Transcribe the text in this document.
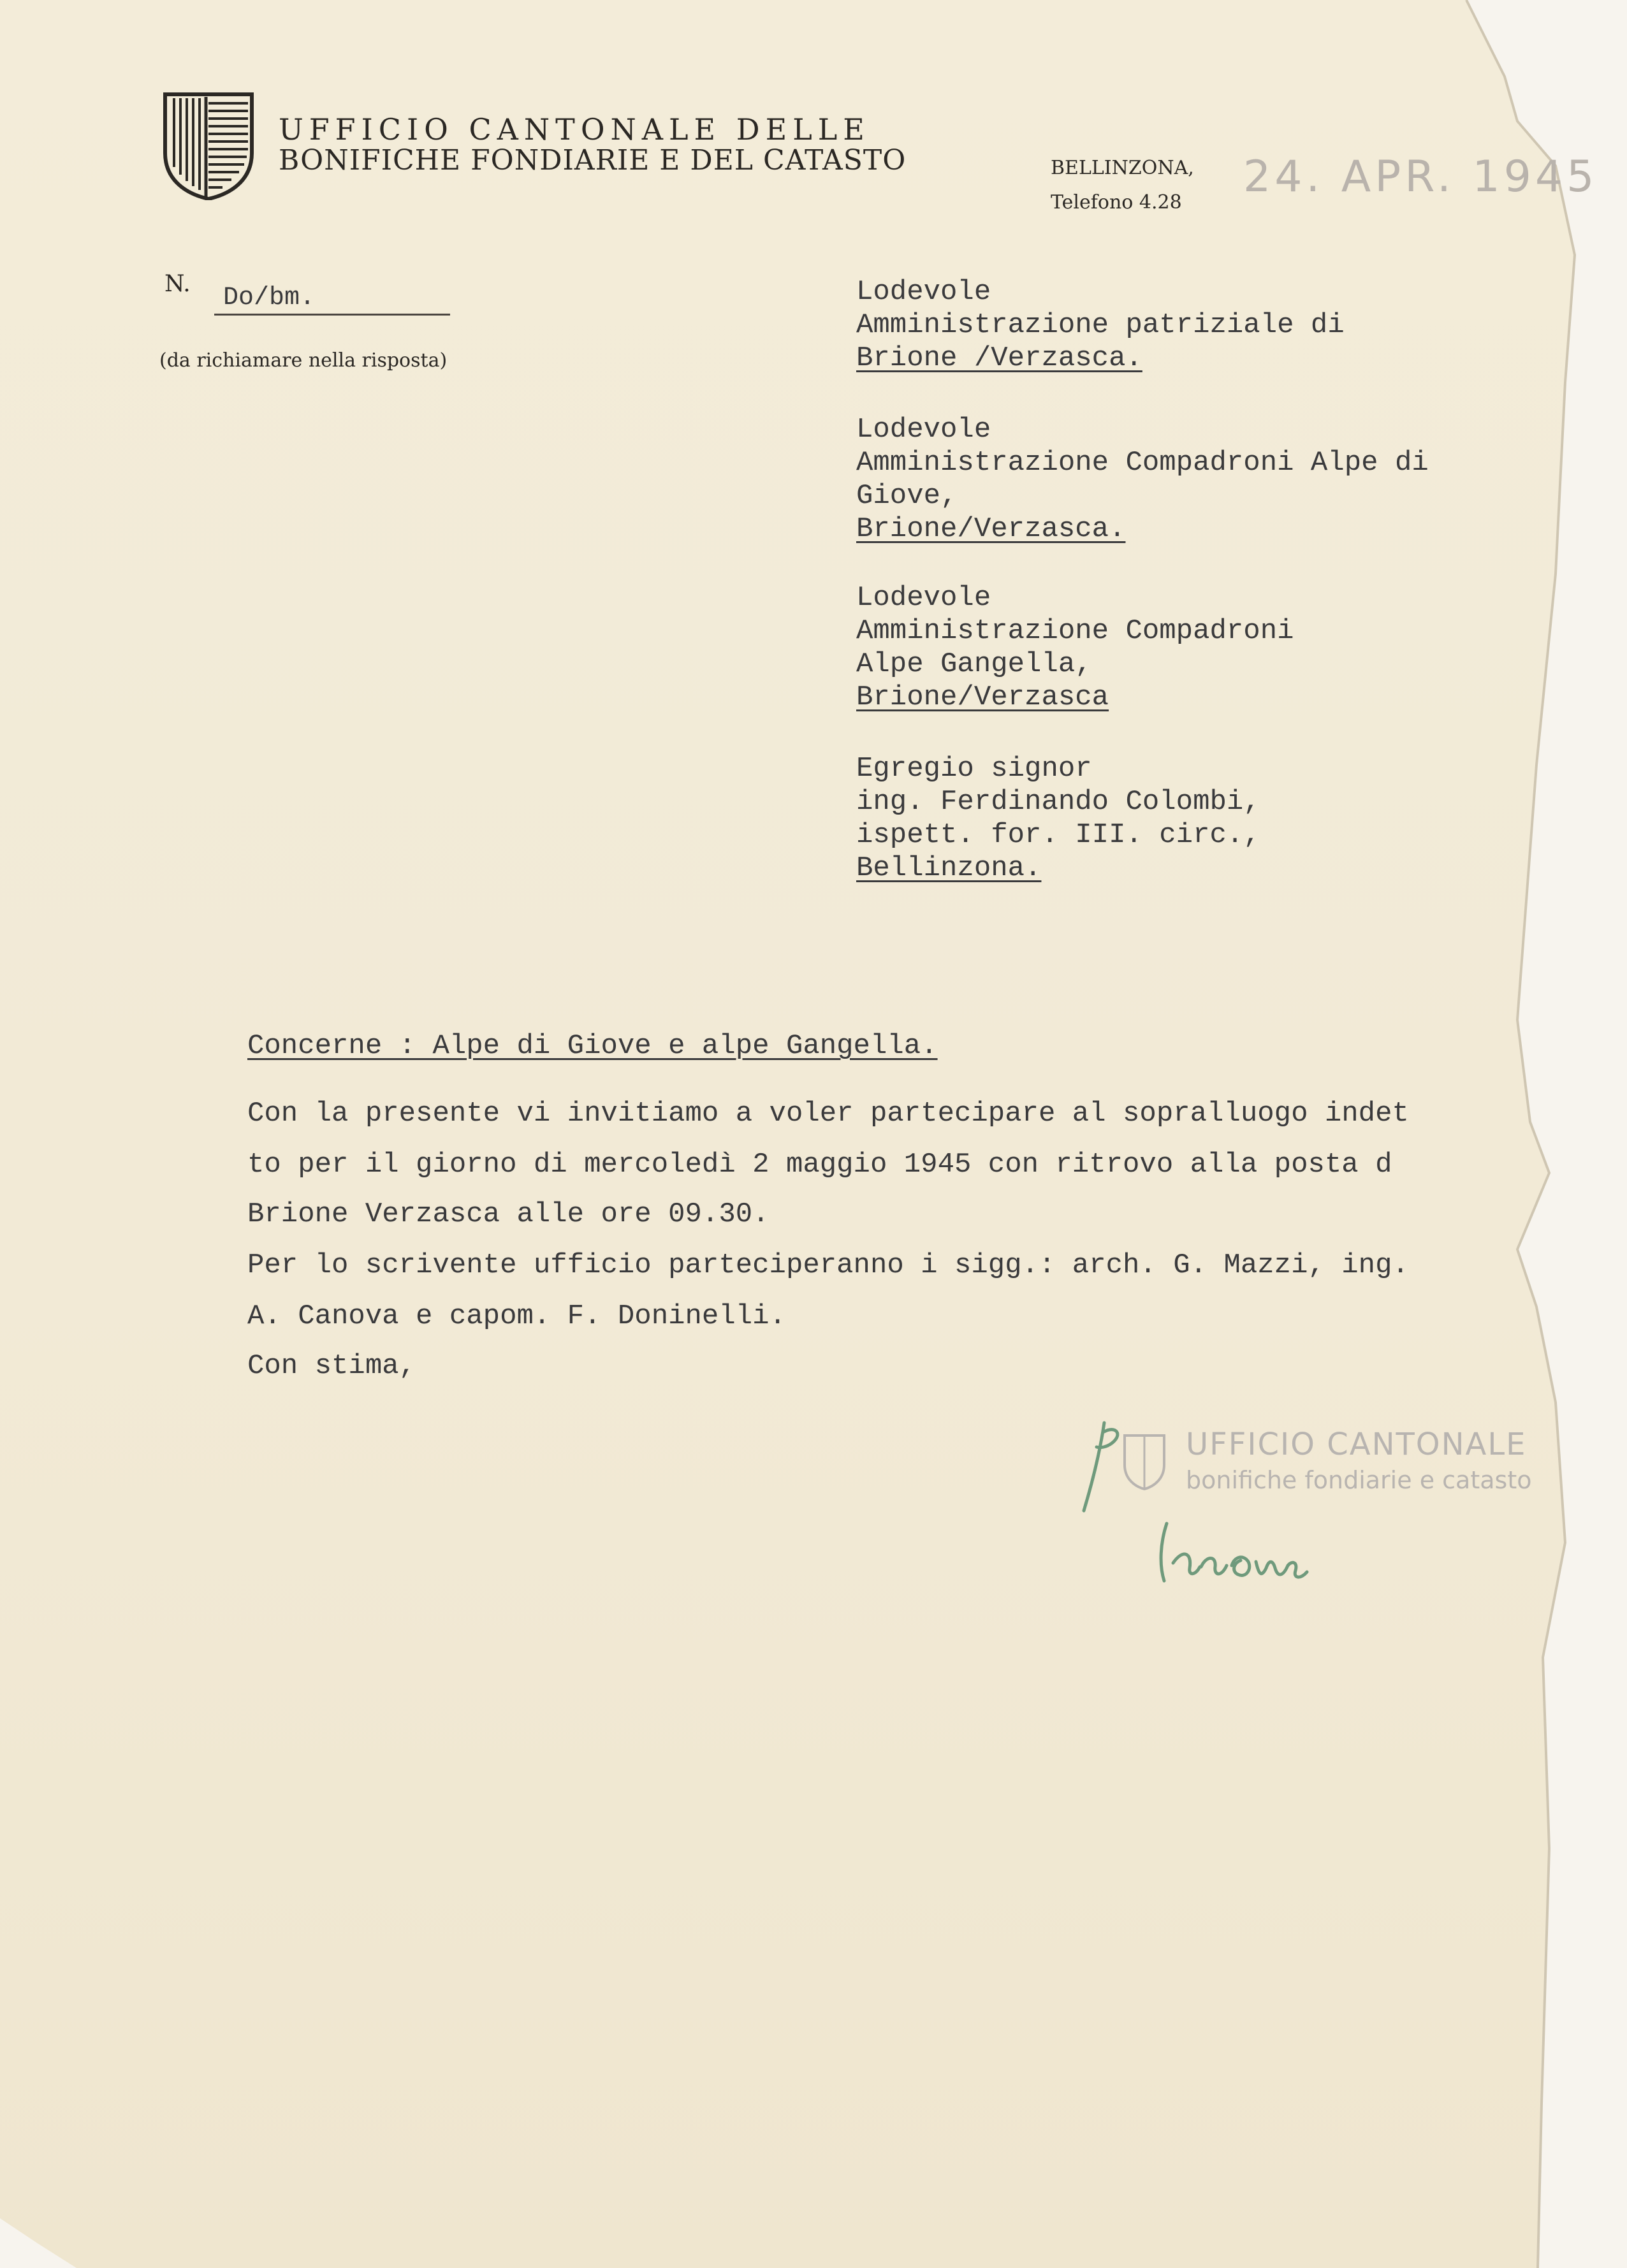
UFFICIO CANTONALE DELLE
BONIFICHE FONDIARIE E DEL CATASTO	BELLINZONA,
Telefono 4.28
24. APR. 1945
N. Do/bm.
(da richiamare nella risposta)
Lodevole
Amministrazione patriziale di
Brione /Verzasca.
Lodevole
Amministrazione Compadroni Alpe di
Giove,
Brione/Verzasca.
Lodevole
Amministrazione Compadroni
Alpe Gangella,
Brione/Verzasca
Egregio signor
ing. Ferdinando Colombi,
ispett. for. III. circ.,
Bellinzona.
Concerne : Alpe di Giove e alpe Gangella.
Con la presente vi invitiamo a voler partecipare al sopralluogo indet
to per il giorno di mercoledì 2 maggio 1945 con ritrovo alla posta d
Brione Verzasca alle ore 09.30.
Per lo scrivente ufficio parteciperanno i sigg.: arch. G. Mazzi, ing.
A. Canova e capom. F. Doninelli.
Con stima,
UFFICIO CANTONALE
bonifiche fondiarie e catasto
